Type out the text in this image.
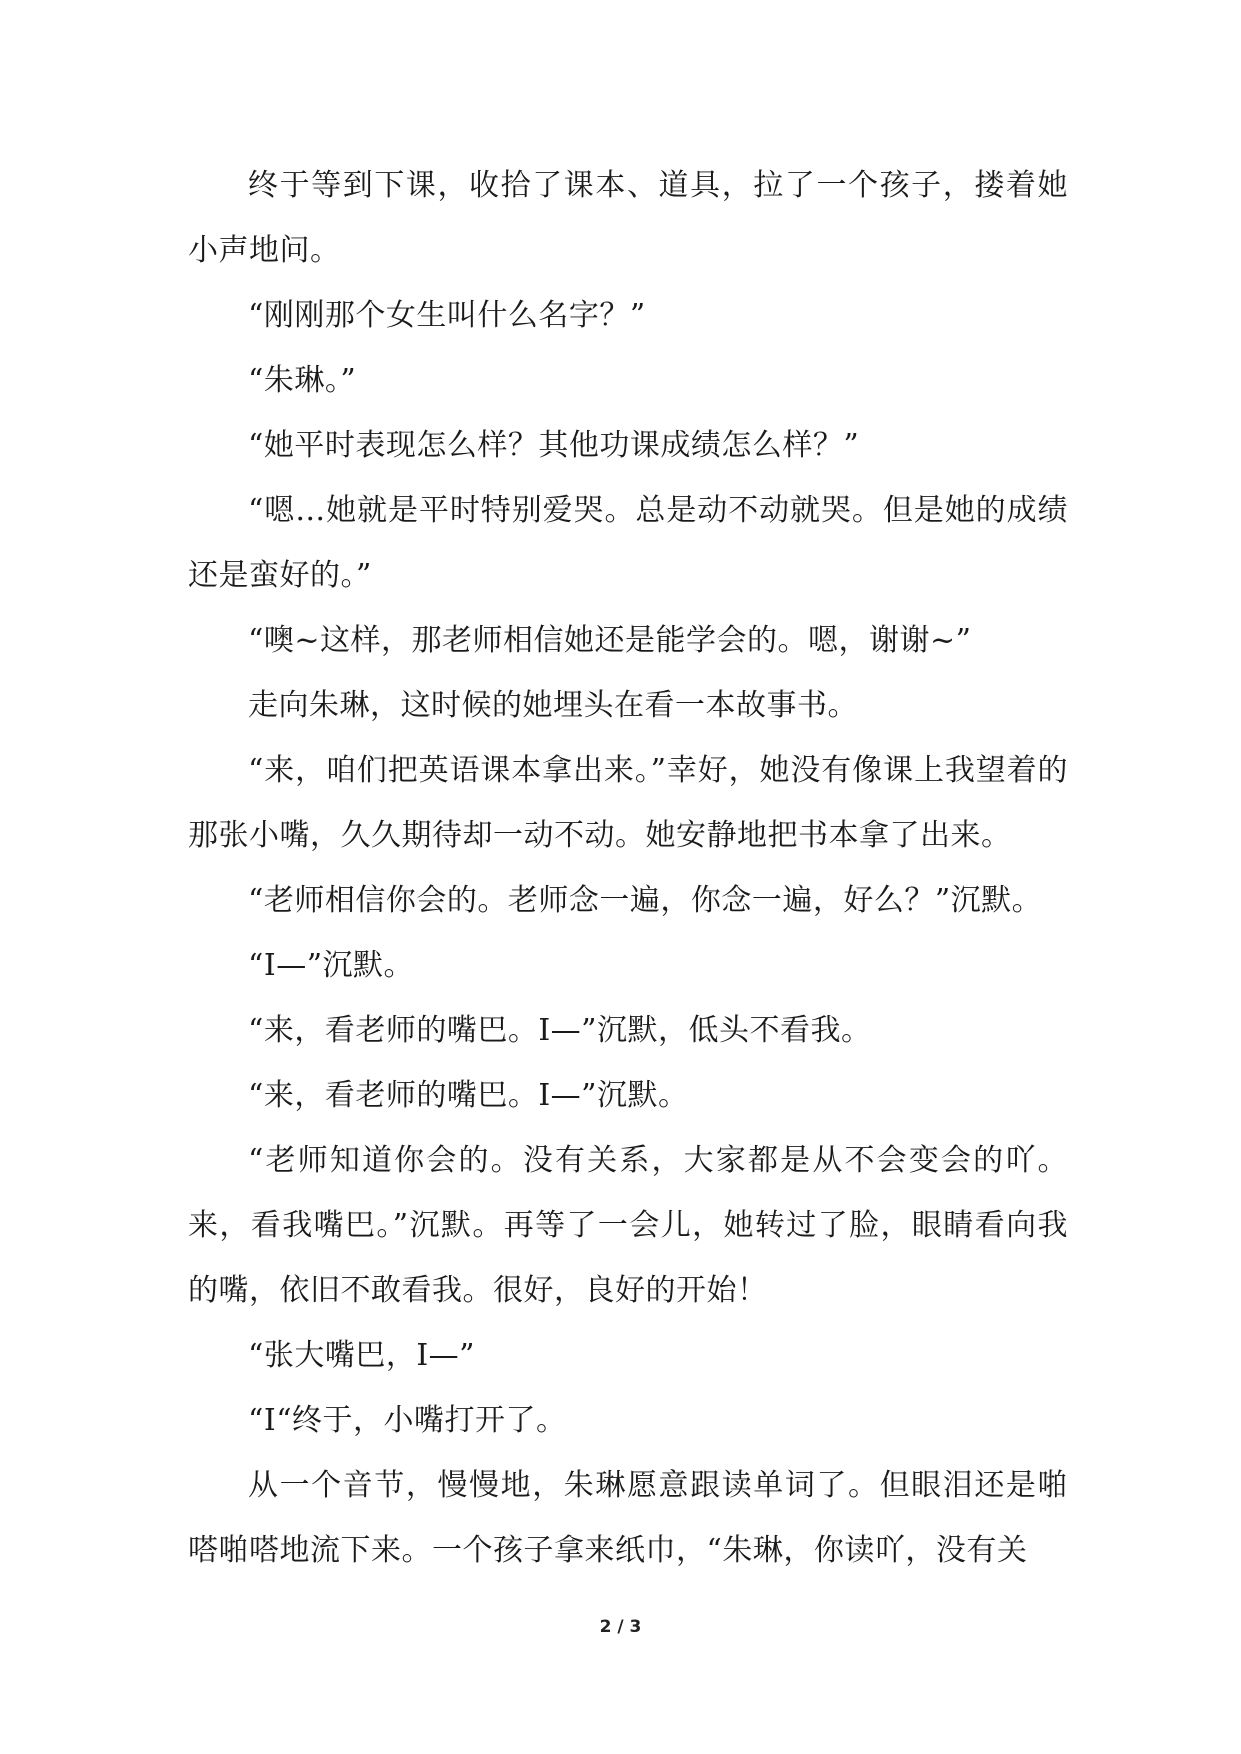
终于等到下课，收拾了课本、道具，拉了一个孩子，搂着她小声地问。

“刚刚那个女生叫什么名字？”

“朱琳。”

“她平时表现怎么样？其他功课成绩怎么样？”

“嗯…她就是平时特别爱哭。总是动不动就哭。但是她的成绩还是蛮好的。”

“噢~这样，那老师相信她还是能学会的。嗯，谢谢~”

走向朱琳，这时候的她埋头在看一本故事书。

“来，咱们把英语课本拿出来。”幸好，她没有像课上我望着的那张小嘴，久久期待却一动不动。她安静地把书本拿了出来。

“老师相信你会的。老师念一遍，你念一遍，好么？”沉默。

“I—”沉默。

“来，看老师的嘴巴。I—”沉默，低头不看我。

“来，看老师的嘴巴。I—”沉默。

“老师知道你会的。没有关系，大家都是从不会变会的吖。来，看我嘴巴。”沉默。再等了一会儿，她转过了脸，眼睛看向我的嘴，依旧不敢看我。很好，良好的开始！

“张大嘴巴，I—”

“I“终于，小嘴打开了。

从一个音节，慢慢地，朱琳愿意跟读单词了。但眼泪还是啪嗒啪嗒地流下来。一个孩子拿来纸巾，“朱琳，你读吖，没有关

2 / 3
